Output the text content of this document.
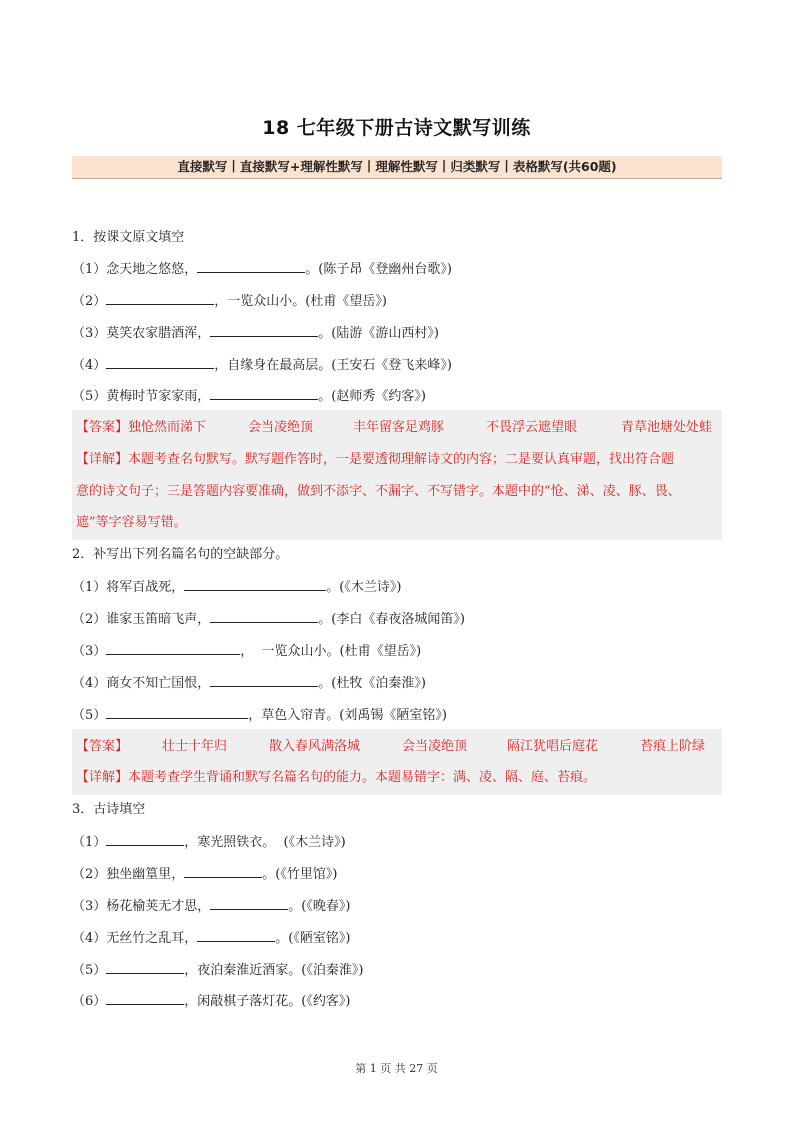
18 七年级下册古诗文默写训练
直接默写丨直接默写+理解性默写丨理解性默写丨归类默写丨表格默写(共60题)
1．按课文原文填空
（1）念天地之悠悠，	。(陈子昂《登幽州台歌》)
（2）	，一览众山小。(杜甫《望岳》)
（3）莫笑农家腊酒浑，	。(陆游《游山西村》)
（4）	，自缘身在最高层。(王安石《登飞来峰》)
（5）黄梅时节家家雨，	。(赵师秀《约客》)
【答案】独怆然而涕下	会当凌绝顶	丰年留客足鸡豚	不畏浮云遮望眼	青草池塘处处蛙
【详解】本题考查名句默写。默写题作答时，一是要透彻理解诗文的内容；二是要认真审题，找出符合题
意的诗文句子；三是答题内容要准确，做到不添字、不漏字、不写错字。本题中的“怆、涕、凌、豚、畏、
遮”等字容易写错。
2．补写出下列名篇名句的空缺部分。
（1）将军百战死，	。(《木兰诗》)
（2）谁家玉笛暗飞声，	。(李白《春夜洛城闻笛》)
（3）	，  一览众山小。(杜甫《望岳》)
（4）商女不知亡国恨，	。(杜牧《泊秦淮》)
（5）	，草色入帘青。(刘禹锡《陋室铭》)
【答案】	壮士十年归	散入春风满洛城	会当凌绝顶	隔江犹唱后庭花	苔痕上阶绿
【详解】本题考查学生背诵和默写名篇名句的能力。本题易错字：满、凌、隔、庭、苔痕。
3．古诗填空
（1）	，寒光照铁衣。  (《木兰诗》)
（2）独坐幽篁里，	。(《竹里馆》)
（3）杨花榆荚无才思，	。(《晚春》)
（4）无丝竹之乱耳，	。(《陋室铭》)
（5）	，夜泊秦淮近酒家。(《泊秦淮》)
（6）	，闲敲棋子落灯花。(《约客》)
第 1 页 共 27 页
